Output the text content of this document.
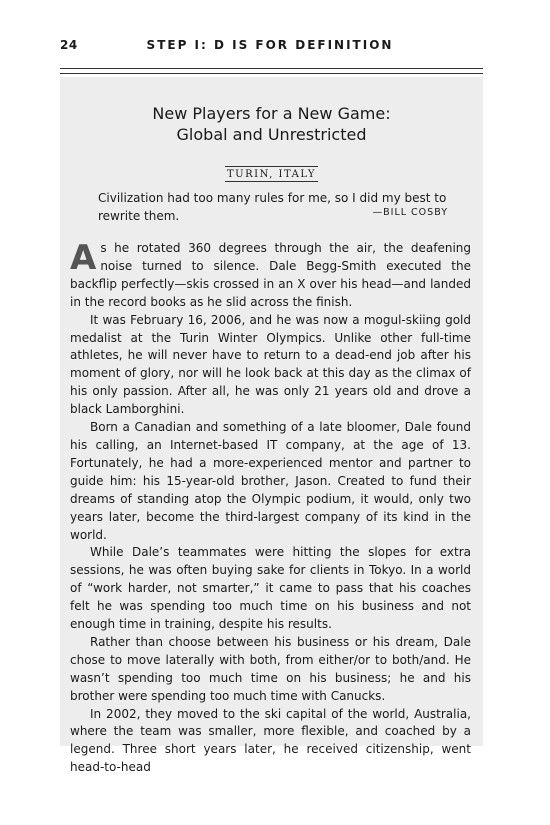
24	STEP I: D IS FOR DEFINITION
New Players for a New Game:
Global and Unrestricted
TURIN, ITALY
Civilization had too many rules for me, so I did my best to rewrite them.	—BILL COSBY

As he rotated 360 degrees through the air, the deafening noise turned to silence. Dale Begg-Smith executed the backflip perfectly—skis crossed in an X over his head—and landed in the record books as he slid across the finish.

It was February 16, 2006, and he was now a mogul-skiing gold medalist at the Turin Winter Olympics. Unlike other full-time athletes, he will never have to return to a dead-end job after his moment of glory, nor will he look back at this day as the climax of his only passion. After all, he was only 21 years old and drove a black Lamborghini.

Born a Canadian and something of a late bloomer, Dale found his calling, an Internet-based IT company, at the age of 13. Fortunately, he had a more-experienced mentor and partner to guide him: his 15-year-old brother, Jason. Created to fund their dreams of standing atop the Olympic podium, it would, only two years later, become the third-largest company of its kind in the world.

While Dale’s teammates were hitting the slopes for extra sessions, he was often buying sake for clients in Tokyo. In a world of “work harder, not smarter,” it came to pass that his coaches felt he was spending too much time on his business and not enough time in training, despite his results.

Rather than choose between his business or his dream, Dale chose to move laterally with both, from either/or to both/and. He wasn’t spending too much time on his business; he and his brother were spending too much time with Canucks.

In 2002, they moved to the ski capital of the world, Australia, where the team was smaller, more flexible, and coached by a legend. Three short years later, he received citizenship, went head-to-head
